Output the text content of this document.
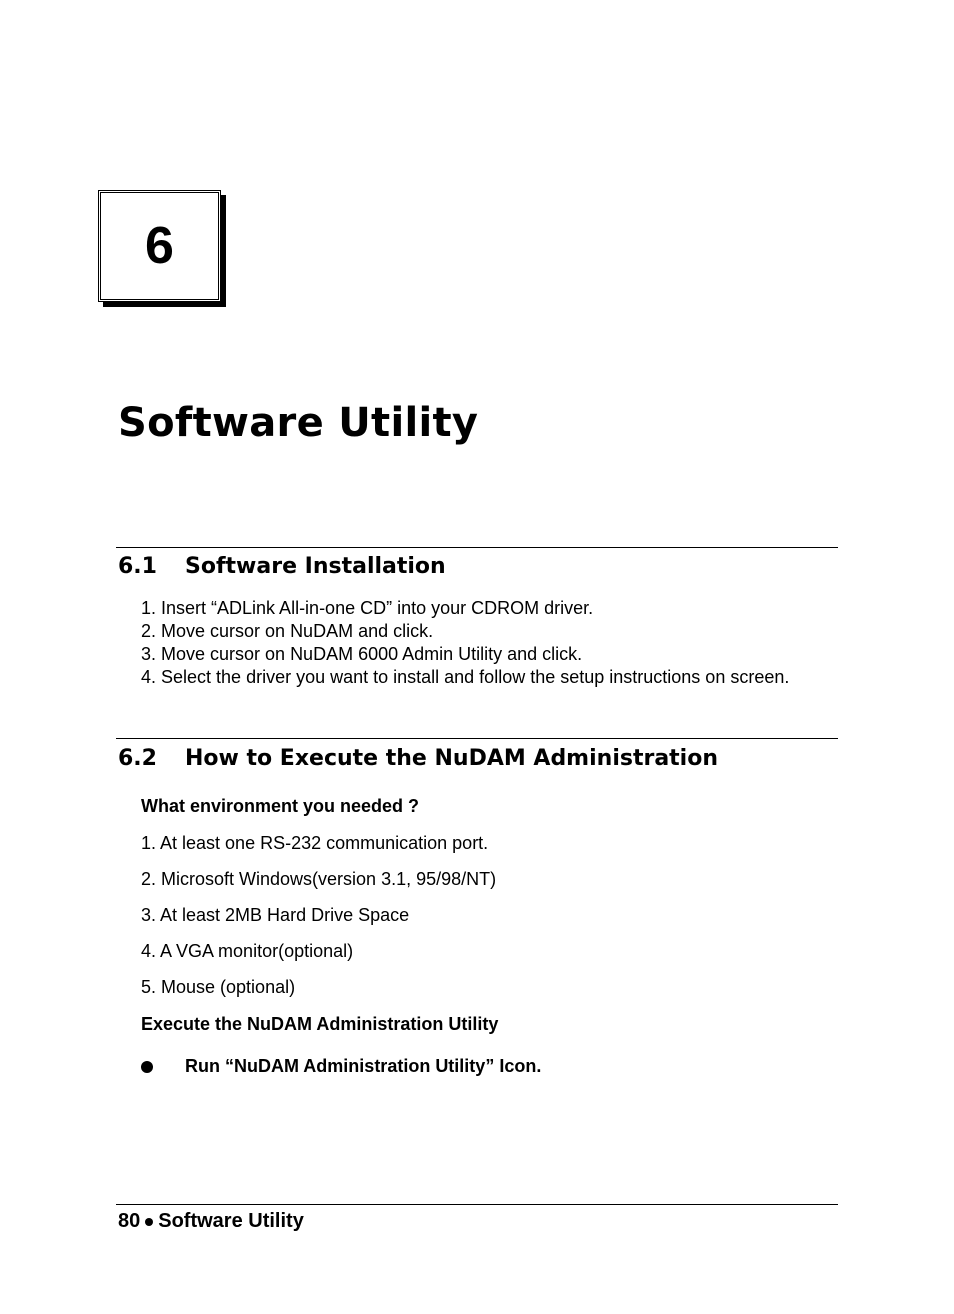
6
Software Utility
6.1 Software Installation
1. Insert “ADLink All-in-one CD” into your CDROM driver.
2. Move cursor on NuDAM and click.
3. Move cursor on NuDAM 6000 Admin Utility and click.
4. Select the driver you want to install and follow the setup instructions on screen.
6.2 How to Execute the NuDAM Administration

What environment you needed ?

1. At least one RS-232 communication port.

2. Microsoft Windows(version 3.1, 95/98/NT)

3. At least 2MB Hard Drive Space

4. A VGA monitor(optional)

5. Mouse (optional)

Execute the NuDAM Administration Utility

Run “NuDAM Administration Utility” Icon.
80 Software Utility
